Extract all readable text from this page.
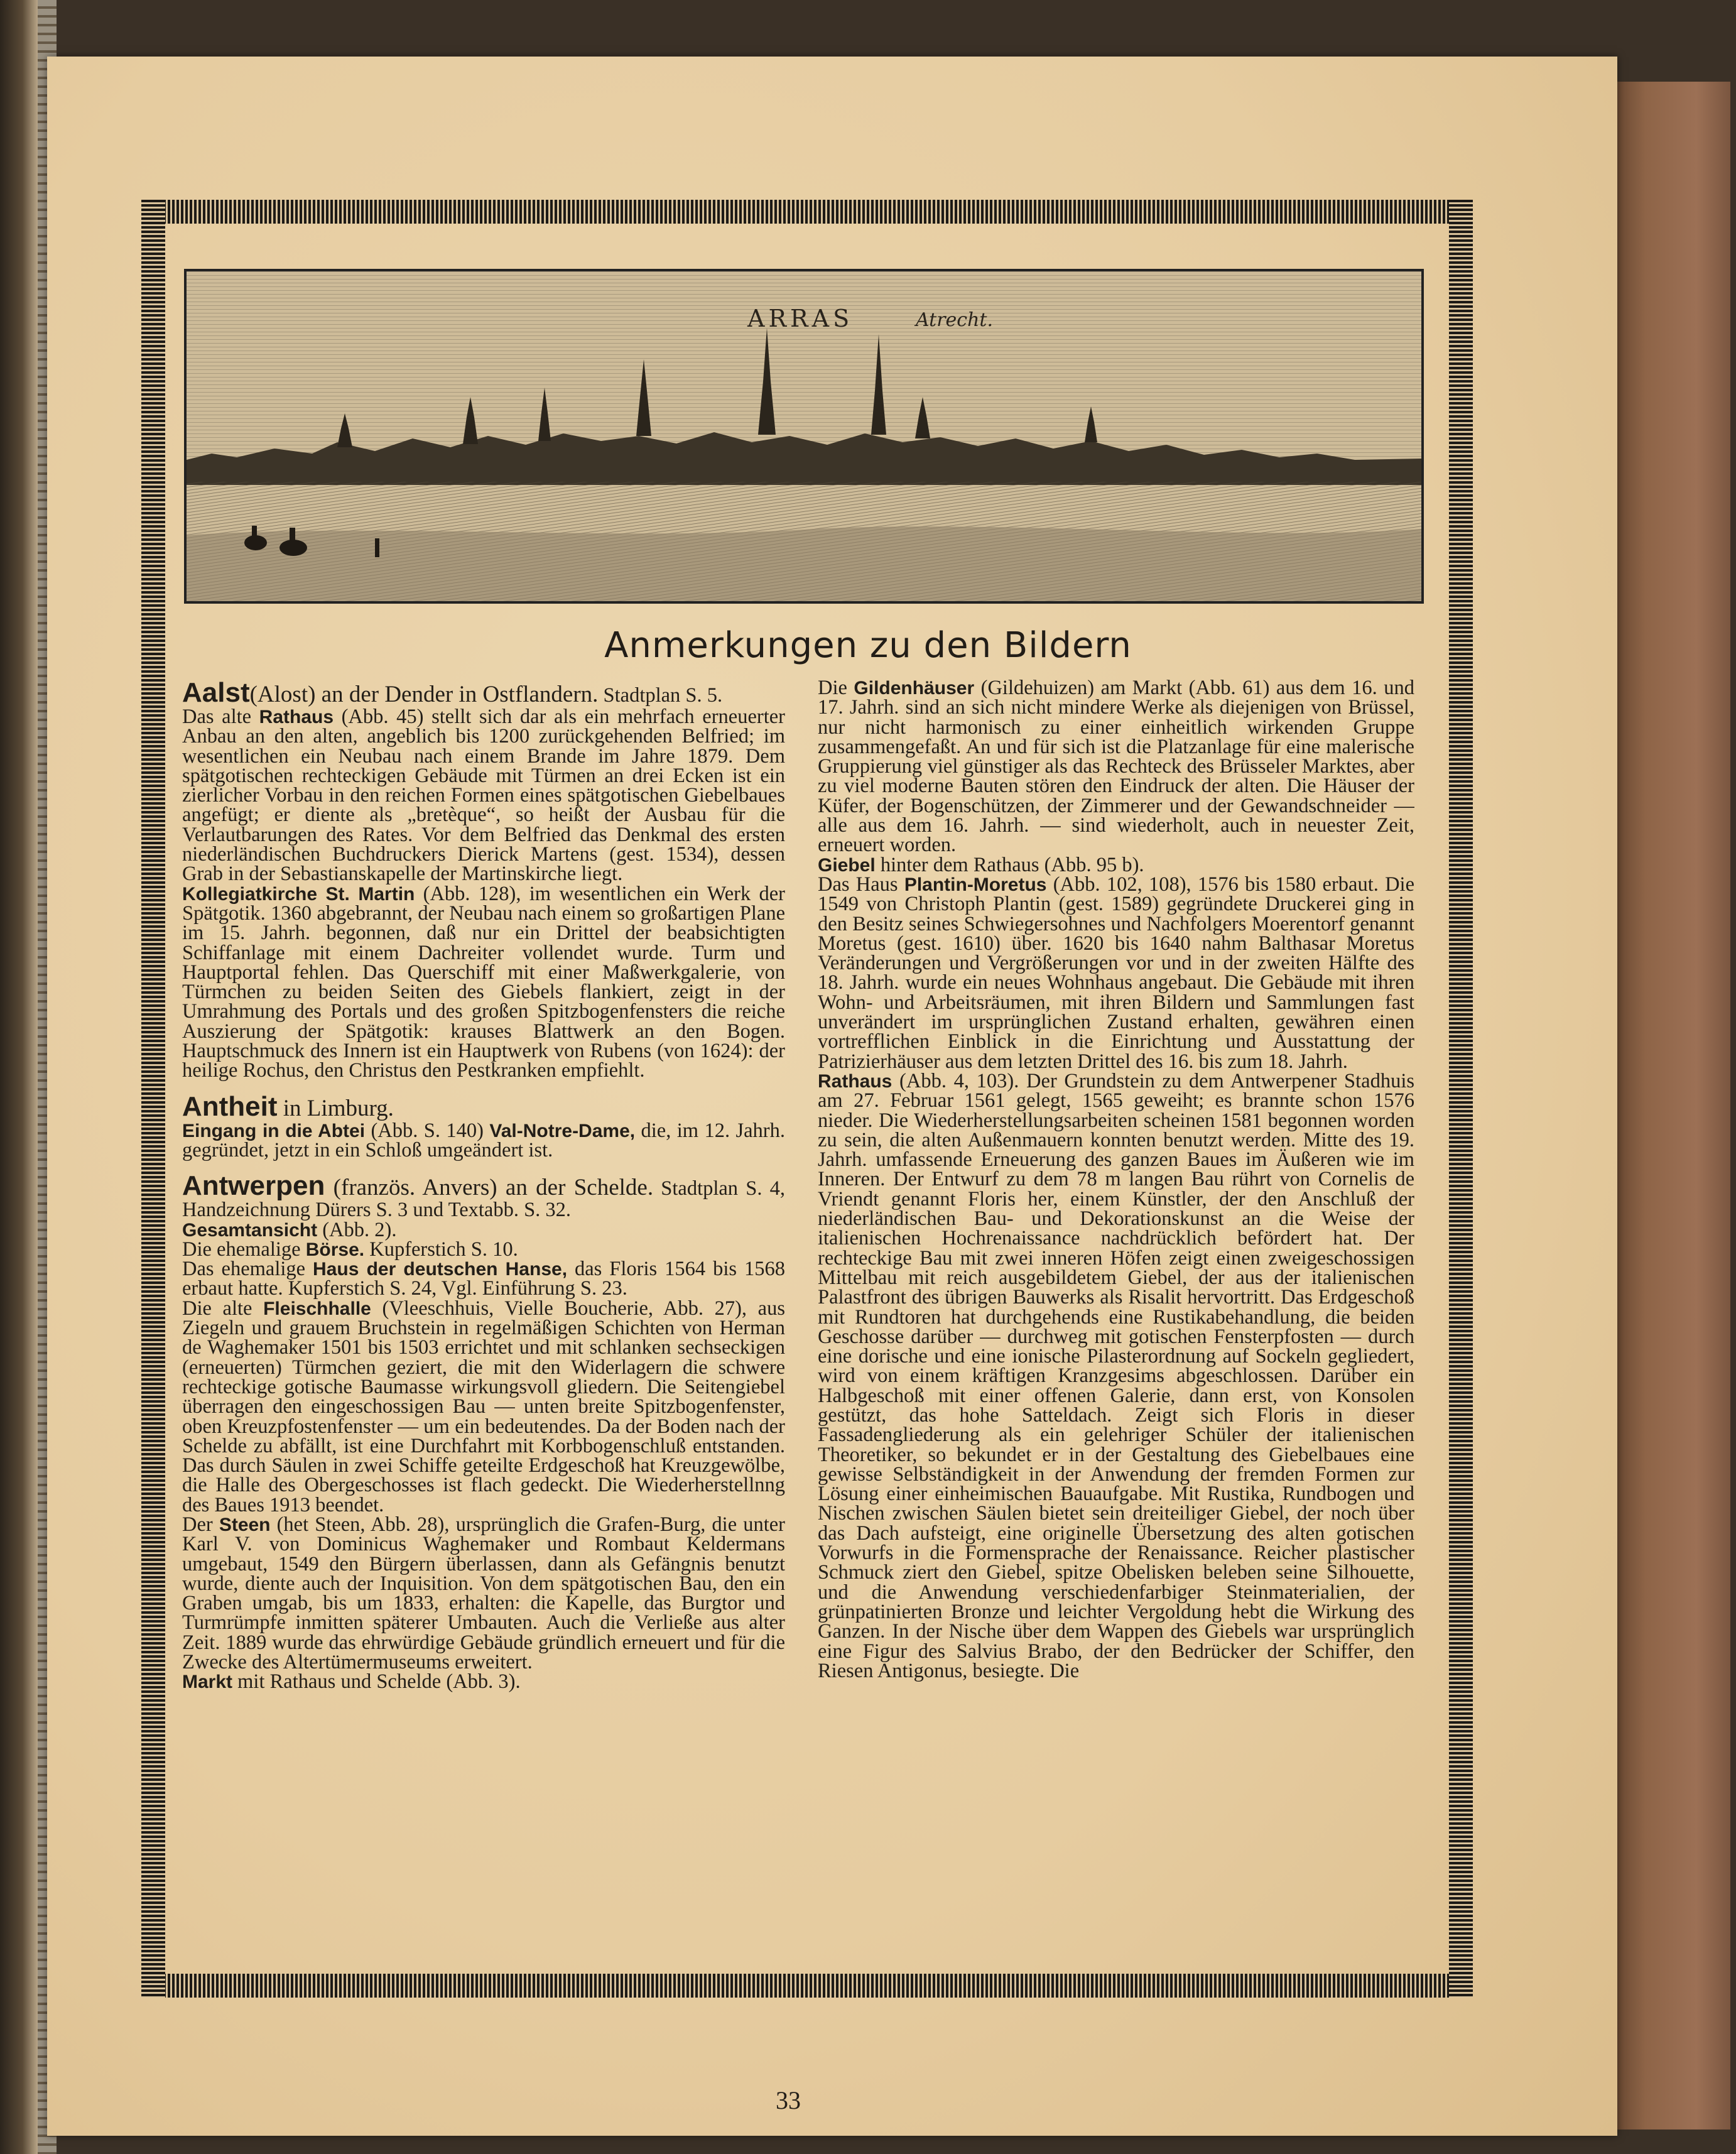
ARRAS	Atrecht.
Anmerkungen zu den Bildern

Aalst(Alost) an der Dender in Ostflandern. Stadtplan S. 5.

Das alte Rathaus (Abb. 45) stellt sich dar als ein mehrfach erneuerter Anbau an den alten, angeblich bis 1200 zurückgehenden Belfried; im wesentlichen ein Neubau nach einem Brande im Jahre 1879. Dem spätgotischen rechteckigen Gebäude mit Türmen an drei Ecken ist ein zierlicher Vorbau in den reichen Formen eines spätgotischen Giebelbaues angefügt; er diente als „bretèque“, so heißt der Ausbau für die Verlautbarungen des Rates. Vor dem Belfried das Denkmal des ersten niederländischen Buchdruckers Dierick Martens (gest. 1534), dessen Grab in der Sebastianskapelle der Martinskirche liegt.

Kollegiatkirche St. Martin (Abb. 128), im wesentlichen ein Werk der Spätgotik. 1360 abgebrannt, der Neubau nach einem so großartigen Plane im 15. Jahrh. begonnen, daß nur ein Drittel der beabsichtigten Schiffanlage mit einem Dachreiter vollendet wurde. Turm und Hauptportal fehlen. Das Querschiff mit einer Maßwerkgalerie, von Türmchen zu beiden Seiten des Giebels flankiert, zeigt in der Umrahmung des Portals und des großen Spitzbogenfensters die reiche Auszierung der Spätgotik: krauses Blattwerk an den Bogen. Hauptschmuck des Innern ist ein Hauptwerk von Rubens (von 1624): der heilige Rochus, den Christus den Pestkranken empfiehlt.

Antheit in Limburg.

Eingang in die Abtei (Abb. S. 140) Val-Notre-Dame, die, im 12. Jahrh. gegründet, jetzt in ein Schloß umgeändert ist.

Antwerpen (französ. Anvers) an der Schelde. Stadtplan S. 4, Handzeichnung Dürers S. 3 und Textabb. S. 32.

Gesamtansicht (Abb. 2).

Die ehemalige Börse. Kupferstich S. 10.

Das ehemalige Haus der deutschen Hanse, das Floris 1564 bis 1568 erbaut hatte. Kupferstich S. 24, Vgl. Einführung S. 23.

Die alte Fleischhalle (Vleeschhuis, Vielle Boucherie, Abb. 27), aus Ziegeln und grauem Bruchstein in regelmäßigen Schichten von Herman de Waghemaker 1501 bis 1503 errichtet und mit schlanken sechseckigen (erneuerten) Türmchen geziert, die mit den Widerlagern die schwere rechteckige gotische Baumasse wirkungsvoll gliedern. Die Seitengiebel überragen den eingeschossigen Bau — unten breite Spitzbogenfenster, oben Kreuzpfostenfenster — um ein bedeutendes. Da der Boden nach der Schelde zu abfällt, ist eine Durchfahrt mit Korbbogenschluß entstanden. Das durch Säulen in zwei Schiffe geteilte Erdgeschoß hat Kreuzgewölbe, die Halle des Obergeschosses ist flach gedeckt. Die Wiederherstellnng des Baues 1913 beendet.

Der Steen (het Steen, Abb. 28), ursprünglich die Grafen-Burg, die unter Karl V. von Dominicus Waghemaker und Rombaut Keldermans umgebaut, 1549 den Bürgern überlassen, dann als Gefängnis benutzt wurde, diente auch der Inquisition. Von dem spätgotischen Bau, den ein Graben umgab, bis um 1833, erhalten: die Kapelle, das Burgtor und Turmrümpfe inmitten späterer Umbauten. Auch die Verließe aus alter Zeit. 1889 wurde das ehrwürdige Gebäude gründlich erneuert und für die Zwecke des Altertümermuseums erweitert.

Markt mit Rathaus und Schelde (Abb. 3).

Die Gildenhäuser (Gildehuizen) am Markt (Abb. 61) aus dem 16. und 17. Jahrh. sind an sich nicht mindere Werke als diejenigen von Brüssel, nur nicht harmonisch zu einer einheitlich wirkenden Gruppe zusammengefaßt. An und für sich ist die Platzanlage für eine malerische Gruppierung viel günstiger als das Rechteck des Brüsseler Marktes, aber zu viel moderne Bauten stören den Eindruck der alten. Die Häuser der Küfer, der Bogenschützen, der Zimmerer und der Gewandschneider — alle aus dem 16. Jahrh. — sind wiederholt, auch in neuester Zeit, erneuert worden.

Giebel hinter dem Rathaus (Abb. 95 b).

Das Haus Plantin-Moretus (Abb. 102, 108), 1576 bis 1580 erbaut. Die 1549 von Christoph Plantin (gest. 1589) gegründete Druckerei ging in den Besitz seines Schwiegersohnes und Nachfolgers Moerentorf genannt Moretus (gest. 1610) über. 1620 bis 1640 nahm Balthasar Moretus Veränderungen und Vergrößerungen vor und in der zweiten Hälfte des 18. Jahrh. wurde ein neues Wohnhaus angebaut. Die Gebäude mit ihren Wohn- und Arbeitsräumen, mit ihren Bildern und Sammlungen fast unverändert im ursprünglichen Zustand erhalten, gewähren einen vortrefflichen Einblick in die Einrichtung und Ausstattung der Patrizierhäuser aus dem letzten Drittel des 16. bis zum 18. Jahrh.

Rathaus (Abb. 4, 103). Der Grundstein zu dem Antwerpener Stadhuis am 27. Februar 1561 gelegt, 1565 geweiht; es brannte schon 1576 nieder. Die Wiederherstellungsarbeiten scheinen 1581 begonnen worden zu sein, die alten Außenmauern konnten benutzt werden. Mitte des 19. Jahrh. umfassende Erneuerung des ganzen Baues im Äußeren wie im Inneren. Der Entwurf zu dem 78 m langen Bau rührt von Cornelis de Vriendt genannt Floris her, einem Künstler, der den Anschluß der niederländischen Bau- und Dekorationskunst an die Weise der italienischen Hochrenaissance nachdrücklich befördert hat. Der rechteckige Bau mit zwei inneren Höfen zeigt einen zweigeschossigen Mittelbau mit reich ausgebildetem Giebel, der aus der italienischen Palastfront des übrigen Bauwerks als Risalit hervortritt. Das Erdgeschoß mit Rundtoren hat durchgehends eine Rustikabehandlung, die beiden Geschosse darüber — durchweg mit gotischen Fensterpfosten — durch eine dorische und eine ionische Pilasterordnung auf Sockeln gegliedert, wird von einem kräftigen Kranzgesims abgeschlossen. Darüber ein Halbgeschoß mit einer offenen Galerie, dann erst, von Konsolen gestützt, das hohe Satteldach. Zeigt sich Floris in dieser Fassadengliederung als ein gelehriger Schüler der italienischen Theoretiker, so bekundet er in der Gestaltung des Giebelbaues eine gewisse Selbständigkeit in der Anwendung der fremden Formen zur Lösung einer einheimischen Bauaufgabe. Mit Rustika, Rundbogen und Nischen zwischen Säulen bietet sein dreiteiliger Giebel, der noch über das Dach aufsteigt, eine originelle Übersetzung des alten gotischen Vorwurfs in die Formensprache der Renaissance. Reicher plastischer Schmuck ziert den Giebel, spitze Obelisken beleben seine Silhouette, und die Anwendung verschiedenfarbiger Steinmaterialien, der grünpatinierten Bronze und leichter Vergoldung hebt die Wirkung des Ganzen. In der Nische über dem Wappen des Giebels war ursprünglich eine Figur des Salvius Brabo, der den Bedrücker der Schiffer, den Riesen Antigonus, besiegte. Die

33
